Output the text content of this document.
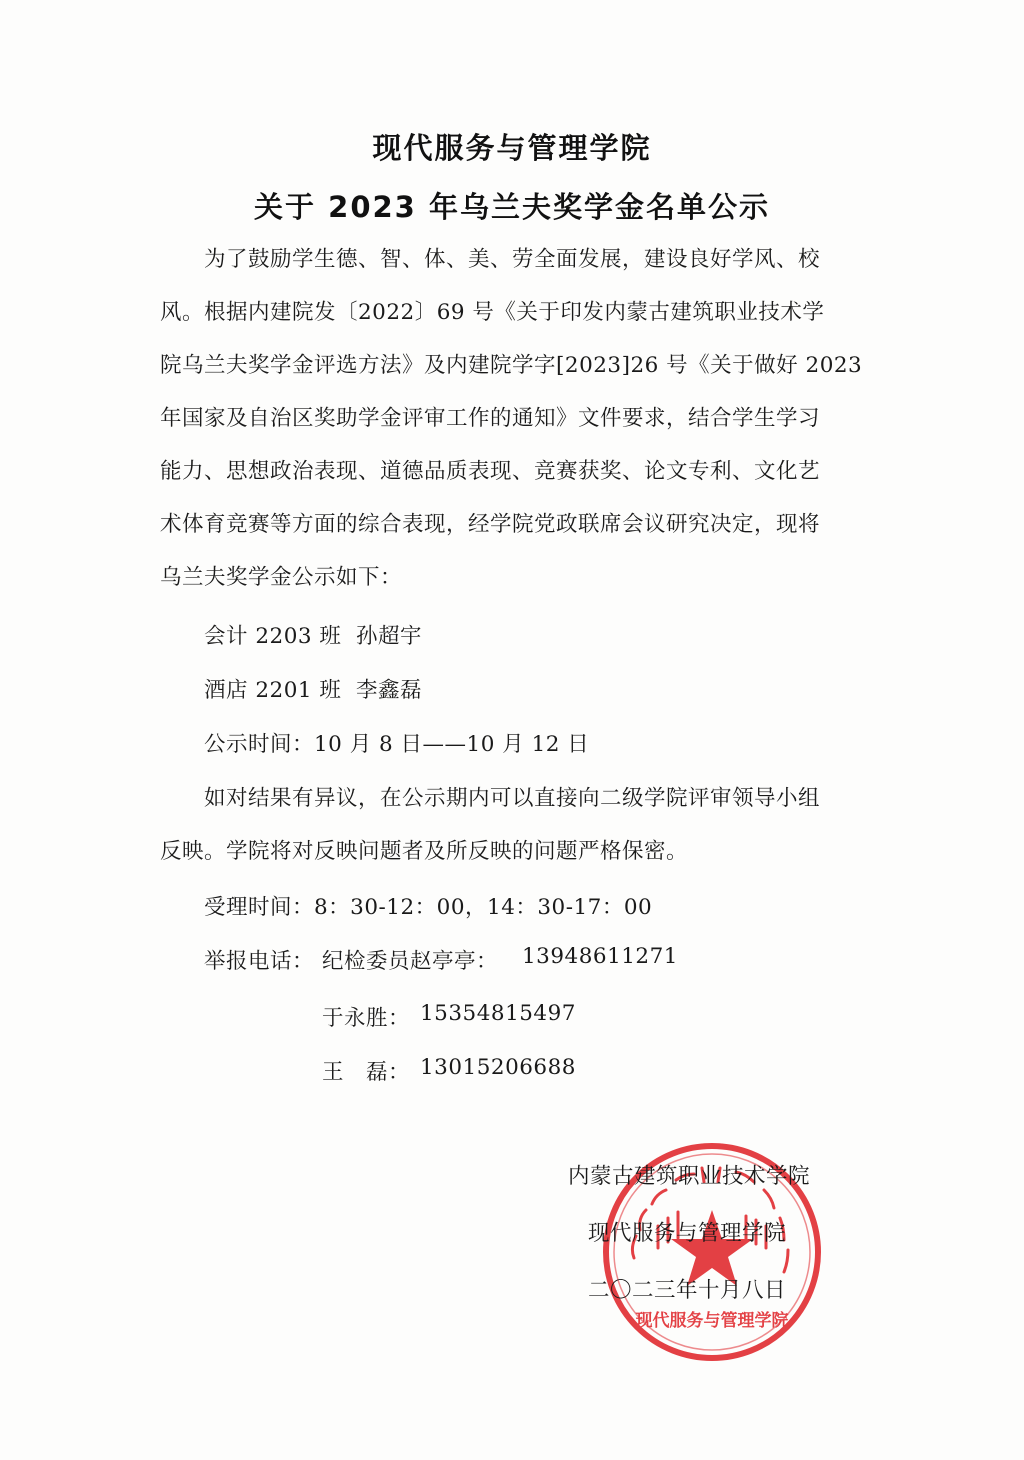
现代服务与管理学院
关于 2023 年乌兰夫奖学金名单公示
为了鼓励学生德、智、体、美、劳全面发展，建设良好学风、校
风。根据内建院发〔2022〕69 号《关于印发内蒙古建筑职业技术学
院乌兰夫奖学金评选方法》及内建院学字[2023]26 号《关于做好 2023
年国家及自治区奖助学金评审工作的通知》文件要求，结合学生学习
能力、思想政治表现、道德品质表现、竞赛获奖、论文专利、文化艺
术体育竞赛等方面的综合表现，经学院党政联席会议研究决定，现将
乌兰夫奖学金公示如下：
会计 2203 班 孙超宇
酒店 2201 班 李鑫磊
公示时间：10 月 8 日——10 月 12 日
如对结果有异议，在公示期内可以直接向二级学院评审领导小组
反映。学院将对反映问题者及所反映的问题严格保密。
受理时间：8：30-12：00，14：30-17：00
举报电话： 纪检委员赵亭亭： 13948611271
于永胜： 15354815497
王　磊： 13015206688
现代服务与管理学院
内蒙古建筑职业技术学院
现代服务与管理学院
二〇二三年十月八日
